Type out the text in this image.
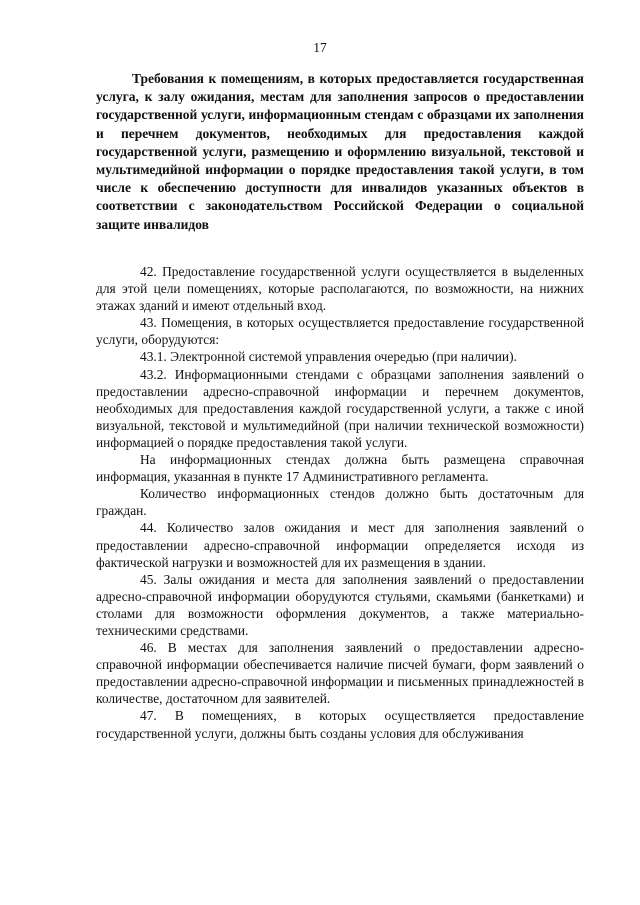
17
Требования к помещениям, в которых предоставляется государственная услуга, к залу ожидания, местам для заполнения запросов о предоставлении государственной услуги, информационным стендам с образцами их заполнения и перечнем документов, необходимых для предоставления каждой государственной услуги, размещению и оформлению визуальной, текстовой и мультимедийной информации о порядке предоставления такой услуги, в том числе к обеспечению доступности для инвалидов указанных объектов в соответствии с законодательством Российской Федерации о социальной защите инвалидов

42. Предоставление государственной услуги осуществляется в выделенных для этой цели помещениях, которые располагаются, по возможности, на нижних этажах зданий и имеют отдельный вход.

43. Помещения, в которых осуществляется предоставление государственной услуги, оборудуются:

43.1. Электронной системой управления очередью (при наличии).

43.2. Информационными стендами с образцами заполнения заявлений о предоставлении адресно-справочной информации и перечнем документов, необходимых для предоставления каждой государственной услуги, а также с иной визуальной, текстовой и мультимедийной (при наличии технической возможности) информацией о порядке предоставления такой услуги.

На информационных стендах должна быть размещена справочная информация, указанная в пункте 17 Административного регламента.

Количество информационных стендов должно быть достаточным для граждан.

44. Количество залов ожидания и мест для заполнения заявлений о предоставлении адресно-справочной информации определяется исходя из фактической нагрузки и возможностей для их размещения в здании.

45. Залы ожидания и места для заполнения заявлений о предоставлении адресно-справочной информации оборудуются стульями, скамьями (банкетками) и столами для возможности оформления документов, а также материально-техническими средствами.

46. В местах для заполнения заявлений о предоставлении адресно-справочной информации обеспечивается наличие писчей бумаги, форм заявлений о предоставлении адресно-справочной информации и письменных принадлежностей в количестве, достаточном для заявителей.

47. В помещениях, в которых осуществляется предоставление государственной услуги, должны быть созданы условия для обслуживания
